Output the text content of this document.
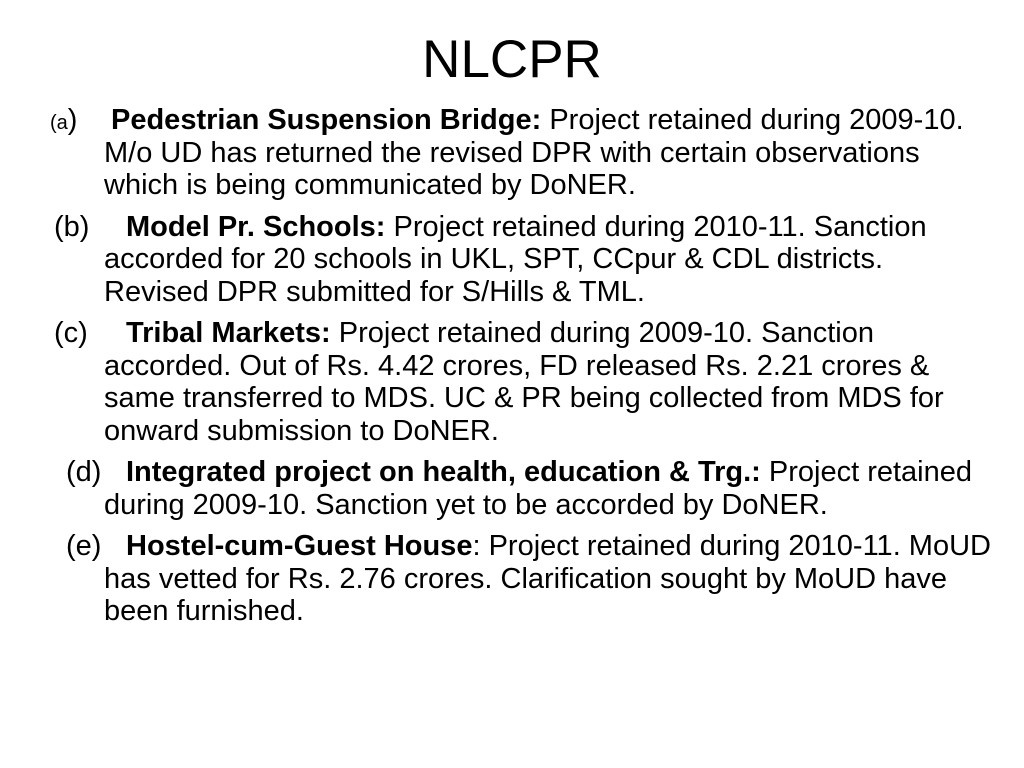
NLCPR
(a) Pedestrian Suspension Bridge: Project retained during 2009-10. M/o UD has returned the revised DPR with certain observations which is being communicated by DoNER.
(b) Model Pr. Schools: Project retained during 2010-11. Sanction accorded for 20 schools in UKL, SPT, CCpur & CDL districts. Revised DPR submitted for S/Hills & TML.
(c) Tribal Markets: Project retained during 2009-10. Sanction accorded. Out of Rs. 4.42 crores, FD released Rs. 2.21 crores & same transferred to MDS. UC & PR being collected from MDS for onward submission to DoNER.
(d) Integrated project on health, education & Trg.: Project retained during 2009-10. Sanction yet to be accorded by DoNER.
(e) Hostel-cum-Guest House: Project retained during 2010-11. MoUD has vetted for Rs. 2.76 crores. Clarification sought by MoUD have been furnished.
